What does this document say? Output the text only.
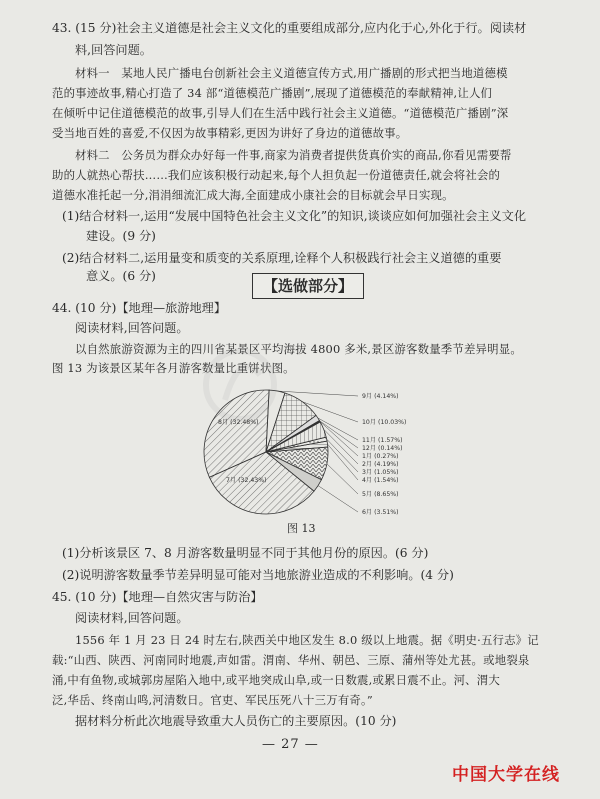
43. (15 分)社会主义道德是社会主义文化的重要组成部分,应内化于心,外化于行。阅读材
料,回答问题。
材料一　某地人民广播电台创新社会主义道德宣传方式,用广播剧的形式把当地道德模
范的事迹故事,精心打造了 34 部“道德模范广播剧”,展现了道德模范的奉献精神,让人们
在倾听中记住道德模范的故事,引导人们在生活中践行社会主义道德。“道德模范广播剧”深
受当地百姓的喜爱,不仅因为故事精彩,更因为讲好了身边的道德故事。
材料二　公务员为群众办好每一件事,商家为消费者提供货真价实的商品,你看见需要帮
助的人就热心帮扶……我们应该积极行动起来,每个人担负起一份道德责任,就会将社会的
道德水准托起一分,涓涓细流汇成大海,全面建成小康社会的目标就会早日实现。
(1)结合材料一,运用“发展中国特色社会主义文化”的知识,谈谈应如何加强社会主义文化
建设。(9 分)
(2)结合材料二,运用量变和质变的关系原理,诠释个人积极践行社会主义道德的重要
【选做部分】
44. (10 分)【地理—旅游地理】
阅读材料,回答问题。
以自然旅游资源为主的四川省某景区平均海拔 4800 多米,景区游客数量季节差异明显。
图 13 为该景区某年各月游客数量比重饼状图。
9月 (4.14%)
10月 (10.03%)
11月 (1.57%)
12月 (0.14%)
1月 (0.27%)
2月 (4.19%)
3月 (1.05%)
4月 (1.54%)
5月 (8.65%)
6月 (3.51%)
7月 (32.43%)
8月 (32.48%)
图 13
(1)分析该景区 7、8 月游客数量明显不同于其他月份的原因。(6 分)
(2)说明游客数量季节差异明显可能对当地旅游业造成的不利影响。(4 分)
45. (10 分)【地理—自然灾害与防治】
阅读材料,回答问题。
1556 年 1 月 23 日 24 时左右,陕西关中地区发生 8.0 级以上地震。据《明史·五行志》记
载:“山西、陕西、河南同时地震,声如雷。渭南、华州、朝邑、三原、蒲州等处尤甚。或地裂泉
涌,中有鱼物,或城郭房屋陷入地中,或平地突成山阜,或一日数震,或累日震不止。河、渭大
泛,华岳、终南山鸣,河清数日。官吏、军民压死八十三万有奇。”
据材料分析此次地震导致重大人员伤亡的主要原因。(10 分)
— 27 —
中国大学在线
意义。(6 分)
